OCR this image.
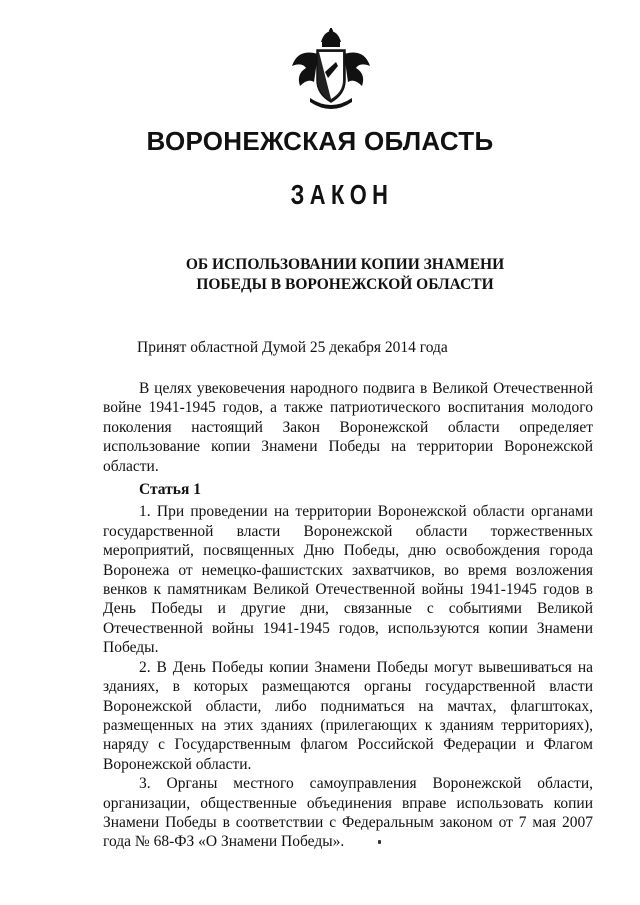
ВОРОНЕЖСКАЯ ОБЛАСТЬ
ЗАКОН
ОБ ИСПОЛЬЗОВАНИИ КОПИИ ЗНАМЕНИ
ПОБЕДЫ В ВОРОНЕЖСКОЙ ОБЛАСТИ

Принят областной Думой 25 декабря 2014 года

В целях увековечения народного подвига в Великой Отечественной войне 1941-1945 годов, а также патриотического воспитания молодого поколения настоящий Закон Воронежской области определяет использование копии Знамени Победы на территории Воронежской области.

Статья 1

1. При проведении на территории Воронежской области органами государственной власти Воронежской области торжественных мероприятий, посвященных Дню Победы, дню освобождения города Воронежа от немецко-фашистских захватчиков, во время возложения венков к памятникам Великой Отечественной войны 1941-1945 годов в День Победы и другие дни, связанные с событиями Великой Отечественной войны 1941-1945 годов, используются копии Знамени Победы.

2. В День Победы копии Знамени Победы могут вывешиваться на зданиях, в которых размещаются органы государственной власти Воронежской области, либо подниматься на мачтах, флагштоках, размещенных на этих зданиях (прилегающих к зданиям территориях), наряду с Государственным флагом Российской Федерации и Флагом Воронежской области.

3. Органы местного самоуправления Воронежской области, организации, общественные объединения вправе использовать копии Знамени Победы в соответствии с Федеральным законом от 7 мая 2007 года № 68-ФЗ «О Знамени Победы».
